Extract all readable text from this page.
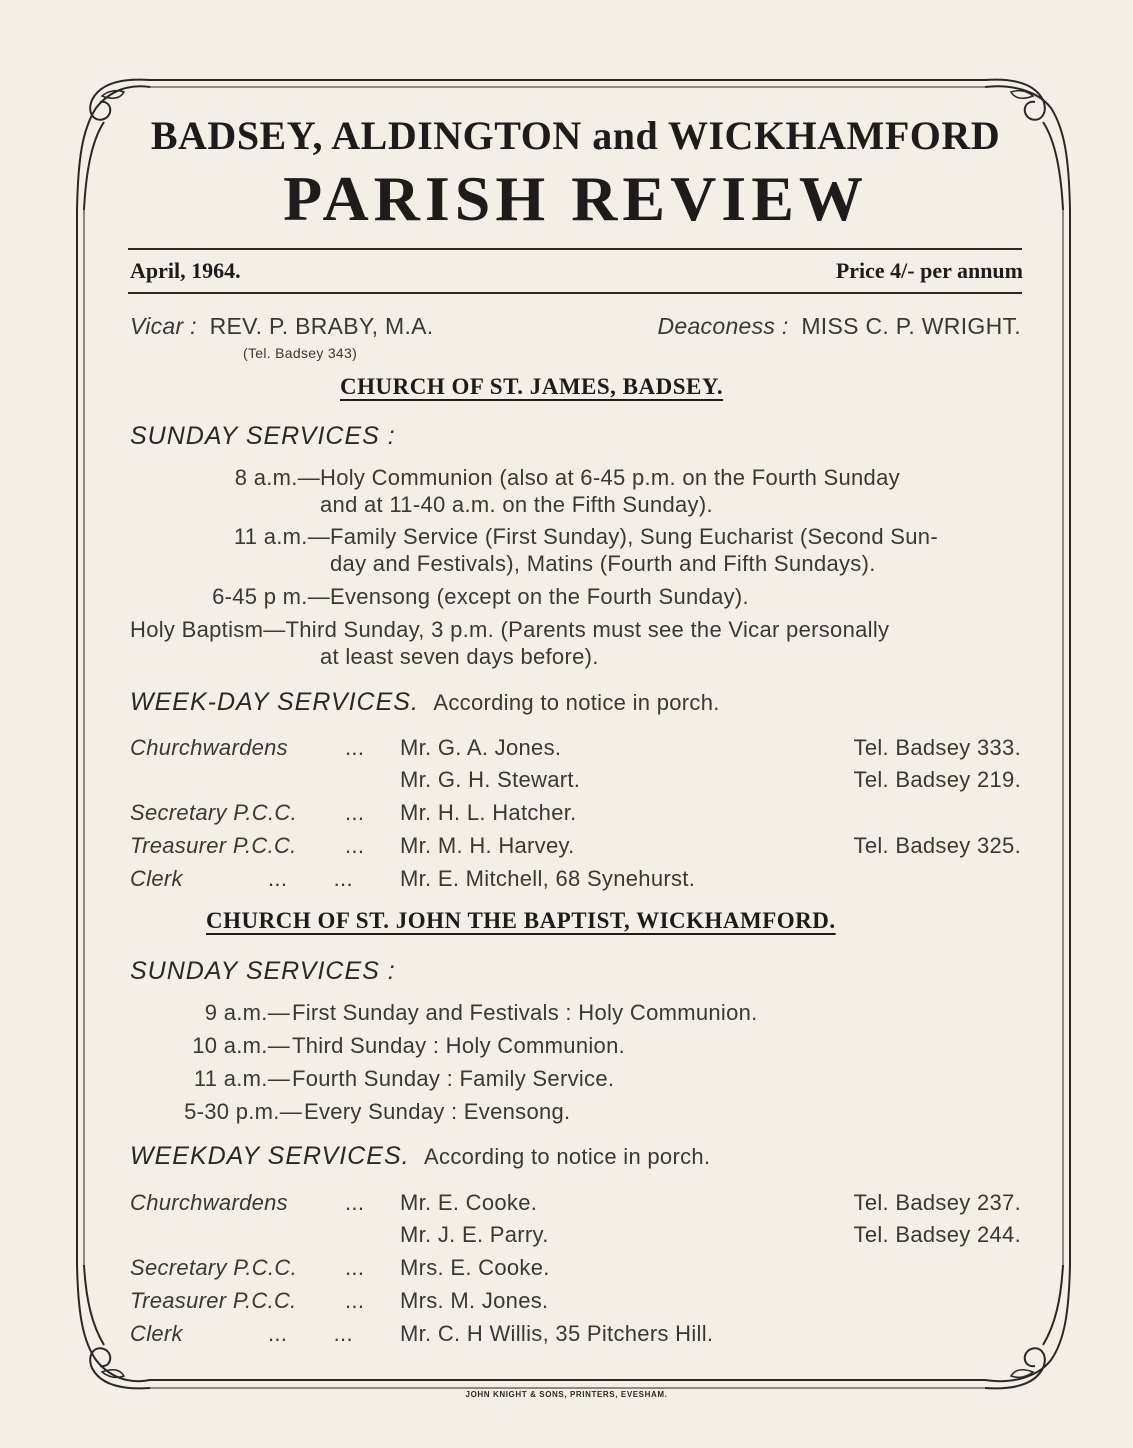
BADSEY, ALDINGTON and WICKHAMFORD
PARISH REVIEW
April, 1964.	Price 4/- per annum
Vicar : REV. P. BRABY, M.A.
(Tel. Badsey 343)
Deaconess : MISS C. P. WRIGHT.
CHURCH OF ST. JAMES, BADSEY.
SUNDAY SERVICES :
8 a.m.— Holy Communion (also at 6-45 p.m. on the Fourth Sunday
and at 11-40 a.m. on the Fifth Sunday).
11 a.m.— Family Service (First Sunday), Sung Eucharist (Second Sun-
day and Festivals), Matins (Fourth and Fifth Sundays).
6-45 p m.— Evensong (except on the Fourth Sunday).
Holy Baptism—Third Sunday, 3 p.m. (Parents must see the Vicar personally
at least seven days before).
WEEK-DAY SERVICES. According to notice in porch.
Churchwardens	... Mr. G. A. Jones.	Tel. Badsey 333.
Mr. G. H. Stewart.	Tel. Badsey 219.
Secretary P.C.C. ... Mr. H. L. Hatcher.
Treasurer P.C.C. ... Mr. M. H. Harvey.	Tel. Badsey 325.
Clerk	... ... Mr. E. Mitchell, 68 Synehurst.
CHURCH OF ST. JOHN THE BAPTIST, WICKHAMFORD.
SUNDAY SERVICES :
9 a.m.— First Sunday and Festivals : Holy Communion.
10 a.m.— Third Sunday : Holy Communion.
11 a.m.— Fourth Sunday : Family Service.
5-30 p.m.— Every Sunday : Evensong.
WEEKDAY SERVICES. According to notice in porch.
Churchwardens	... Mr. E. Cooke.	Tel. Badsey 237.
Mr. J. E. Parry.	Tel. Badsey 244.
Secretary P.C.C. ... Mrs. E. Cooke.
Treasurer P.C.C. ... Mrs. M. Jones.
Clerk	... ... Mr. C. H Willis, 35 Pitchers Hill.
JOHN KNIGHT & SONS, PRINTERS, EVESHAM.
